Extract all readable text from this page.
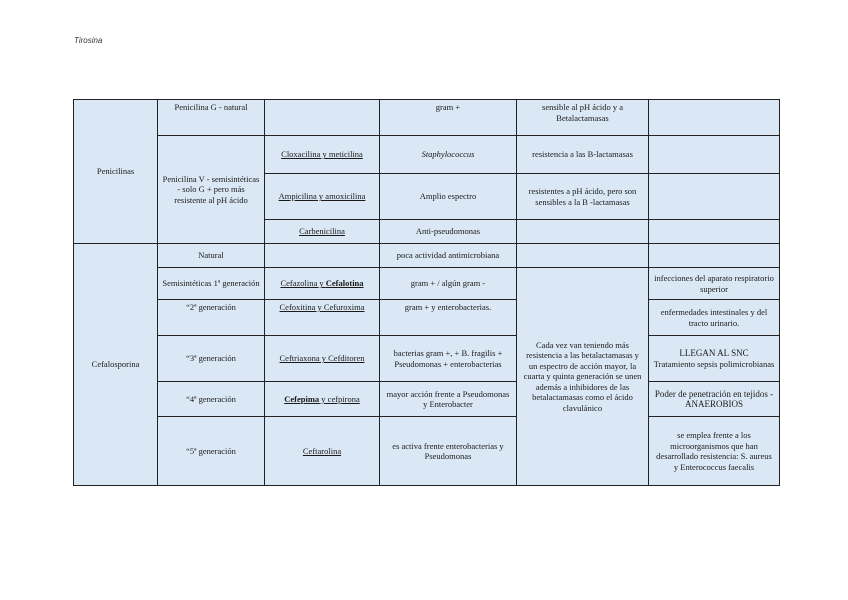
Tirosina
Penicilinas	Penicilina G - natural		gram +	sensible al pH ácido y a Betalactamasas	
	Penicilina V - semisintéticas - solo G + pero más resistente al pH ácido	Cloxacilina y meticilina	Staphylococcus	resistencia a las B-lactamasas	
		Ampicilina y amoxicilina	Amplio espectro	resistentes a pH ácido, pero son sensibles a la B -lactamasas	
		Carbenicilina	Anti-pseudomonas		
Cefalosporina	Natural		poca actividad antimicrobiana		
	Semisintéticas 1ª generación	Cefazolina y Cefalotina	gram + / algún gram -	Cada vez van teniendo más resistencia a las betalactamasas y un espectro de acción mayor, la cuarta y quinta generación se unen además a inhibidores de las betalactamasas como el ácido clavulánico	infecciones del aparato respiratorio superior
	“2ª generación	Cefoxitina y Cefuroxima	gram + y enterobacterias.		enfermedades intestinales y del tracto urinario.
	“3ª generación	Ceftriaxona y Cefditoren	bacterias gram +, + B. fragilis + Pseudomonas + enterobacterias		LLEGAN AL SNC
Tratamiento sepsis polimicrobianas
	“4ª generación	Cefepima y cefpirona	mayor acción frente a Pseudomonas y Enterobacter		Poder de penetración en tejidos - ANAEROBIOS
	“5ª generación	Ceftarolina	es activa frente enterobacterias y Pseudomonas		se emplea frente a los microorganismos que han desarrollado resistencia: S. aureus y Enterococcus faecalis
